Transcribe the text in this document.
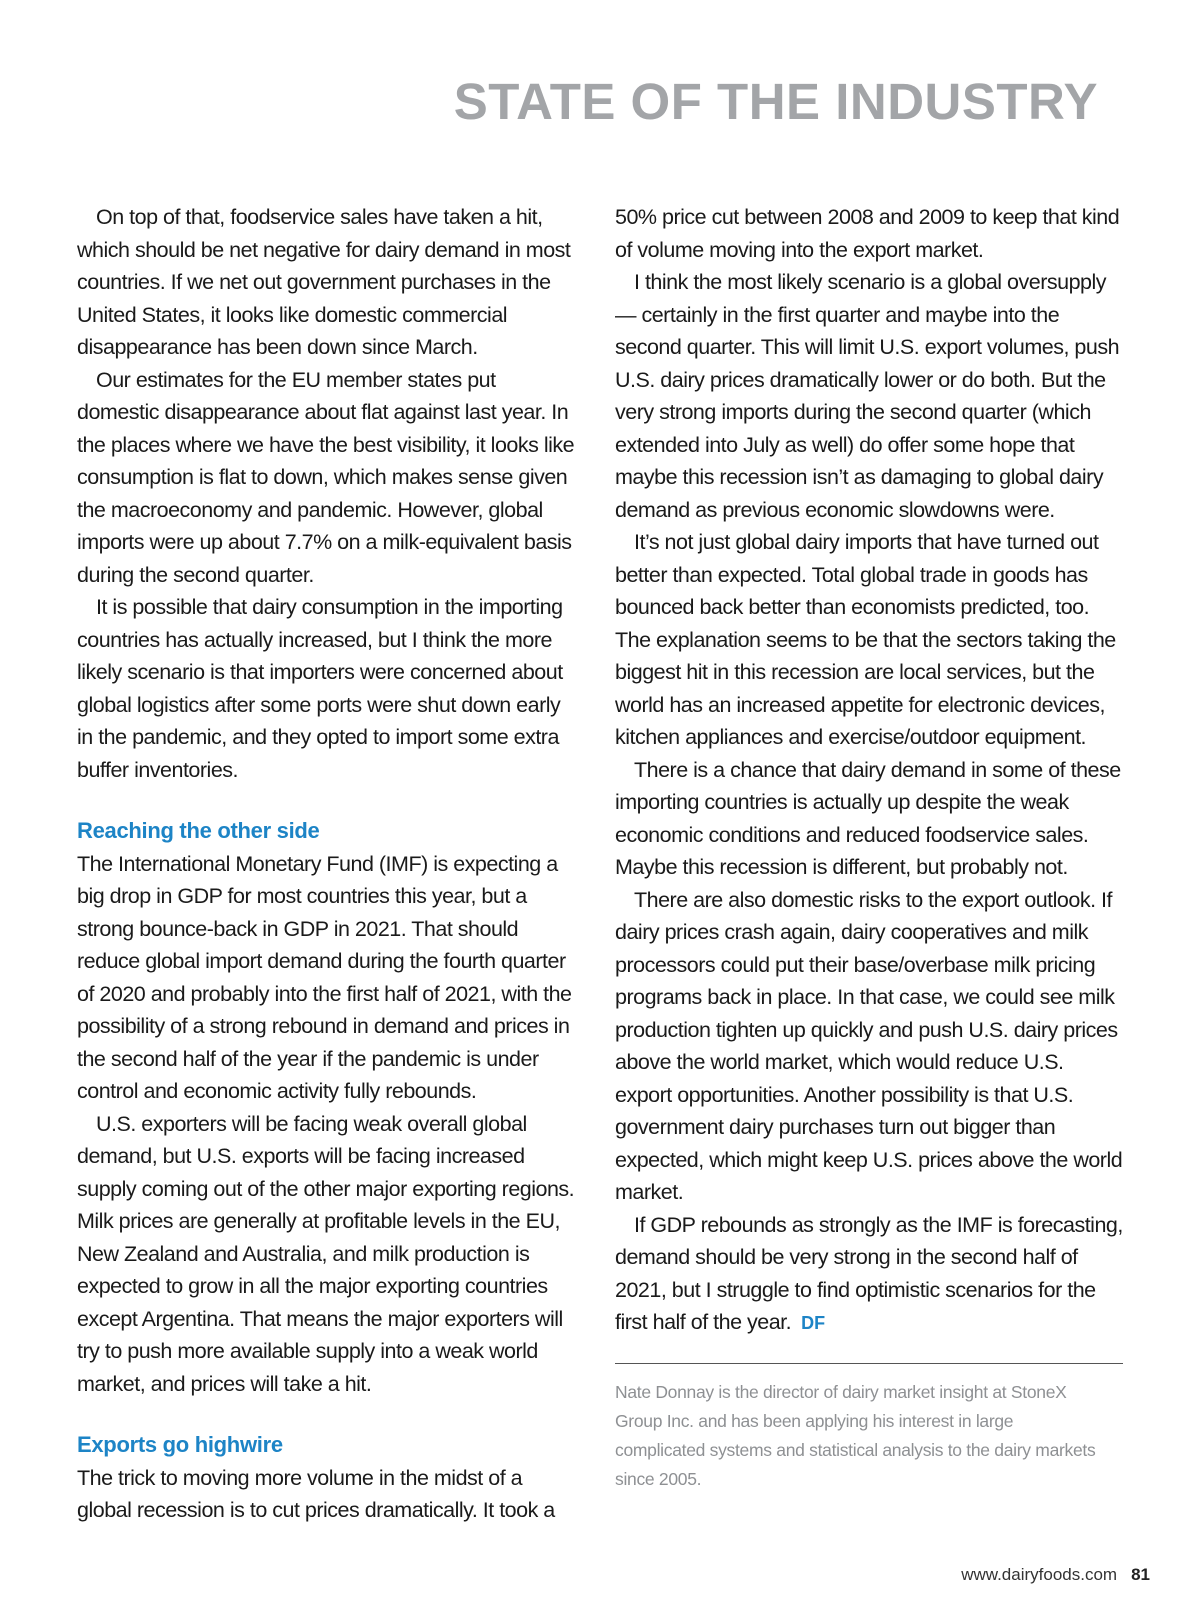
STATE OF THE INDUSTRY

On top of that, foodservice sales have taken a hit, which should be net negative for dairy demand in most countries. If we net out government purchases in the United States, it looks like domestic commercial disappearance has been down since March.

Our estimates for the EU member states put domestic disappearance about flat against last year. In the places where we have the best visibility, it looks like consumption is flat to down, which makes sense given the macroeconomy and pandemic. However, global imports were up about 7.7% on a milk-equivalent basis during the second quarter.

It is possible that dairy consumption in the importing countries has actually increased, but I think the more likely scenario is that importers were concerned about global logistics after some ports were shut down early in the pandemic, and they opted to import some extra buffer inventories.

Reaching the other side

The International Monetary Fund (IMF) is expecting a big drop in GDP for most countries this year, but a strong bounce-back in GDP in 2021. That should reduce global import demand during the fourth quarter of 2020 and probably into the first half of 2021, with the possibility of a strong rebound in demand and prices in the second half of the year if the pandemic is under control and economic activity fully rebounds.

U.S. exporters will be facing weak overall global demand, but U.S. exports will be facing increased supply coming out of the other major exporting regions. Milk prices are generally at profitable levels in the EU, New Zealand and Australia, and milk production is expected to grow in all the major exporting countries except Argentina. That means the major exporters will try to push more available supply into a weak world market, and prices will take a hit.

Exports go highwire

The trick to moving more volume in the midst of a global recession is to cut prices dramatically. It took a

50% price cut between 2008 and 2009 to keep that kind of volume moving into the export market.

I think the most likely scenario is a global oversupply — certainly in the first quarter and maybe into the second quarter. This will limit U.S. export volumes, push U.S. dairy prices dramatically lower or do both. But the very strong imports during the second quarter (which extended into July as well) do offer some hope that maybe this recession isn’t as damaging to global dairy demand as previous economic slowdowns were.

It’s not just global dairy imports that have turned out better than expected. Total global trade in goods has bounced back better than economists predicted, too. The explanation seems to be that the sectors taking the biggest hit in this recession are local services, but the world has an increased appetite for electronic devices, kitchen appliances and exercise/outdoor equipment.

There is a chance that dairy demand in some of these importing countries is actually up despite the weak economic conditions and reduced foodservice sales. Maybe this recession is different, but probably not.

There are also domestic risks to the export outlook. If dairy prices crash again, dairy cooperatives and milk processors could put their base/overbase milk pricing programs back in place. In that case, we could see milk production tighten up quickly and push U.S. dairy prices above the world market, which would reduce U.S. export opportunities. Another possibility is that U.S. government dairy purchases turn out bigger than expected, which might keep U.S. prices above the world market.

If GDP rebounds as strongly as the IMF is forecasting, demand should be very strong in the second half of 2021, but I struggle to find optimistic scenarios for the first half of the year. DF

Nate Donnay is the director of dairy market insight at StoneX Group Inc. and has been applying his interest in large complicated systems and statistical analysis to the dairy markets since 2005.
www.dairyfoods.com 81
